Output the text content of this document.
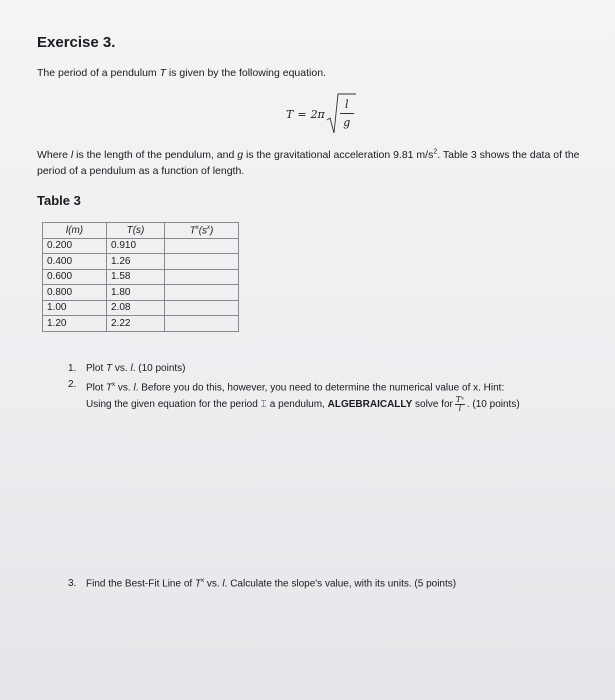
Exercise 3.

The period of a pendulum T is given by the following equation.

T = 2π
l
g

Where l is the length of the pendulum, and g is the gravitational acceleration 9.81 $m/s^2$. Table 3 shows the data of the period of a pendulum as a function of length.

Table 3
l(m)	T(s)	$T^x(s^x)$
0.200	0.910	
0.400	1.26	
0.600	1.58	
0.800	1.80	
1.00	2.08	
1.20	2.22	
1. Plot T vs. l. (10 points)
2. Plot $T^x$ vs. l. Before you do this, however, you need to determine the numerical value of x. Hint:
Using the given equation for the period ⌶ a pendulum, ALGEBRAICALLY solve for $\frac{\text{Tˣ}}{l}$ . (10 points)

3. Find the Best-Fit Line of $T^x$ vs. l. Calculate the slope's value, with its units. (5 points)
